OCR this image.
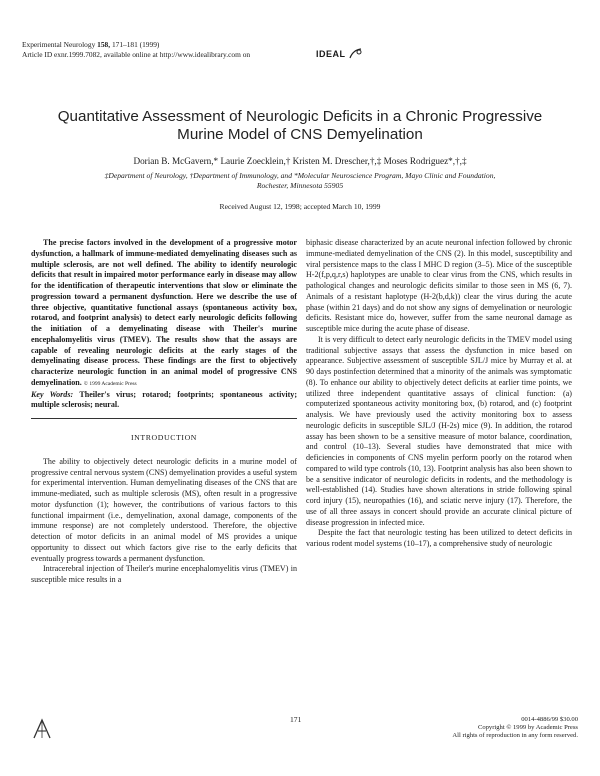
Experimental Neurology 158, 171–181 (1999)
Article ID exnr.1999.7082, available online at http://www.idealibrary.com on	IDEAL
Quantitative Assessment of Neurologic Deficits in a Chronic Progressive
Murine Model of CNS Demyelination
Dorian B. McGavern,* Laurie Zoecklein,† Kristen M. Drescher,†,‡ Moses Rodriguez*,†,‡
‡Department of Neurology, †Department of Immunology, and *Molecular Neuroscience Program, Mayo Clinic and Foundation,
Rochester, Minnesota 55905
Received August 12, 1998; accepted March 10, 1999

The precise factors involved in the development of a progressive motor dysfunction, a hallmark of immune-mediated demyelinating diseases such as multiple sclerosis, are not well defined. The ability to identify neurologic deficits that result in impaired motor performance early in disease may allow for the identification of therapeutic interventions that slow or eliminate the progression toward a permanent dysfunction. Here we describe the use of three objective, quantitative functional assays (spontaneous activity box, rotarod, and footprint analysis) to detect early neurologic deficits following the initiation of a demyelinating disease with Theiler's murine encephalomyelitis virus (TMEV). The results show that the assays are capable of revealing neurologic deficits at the early stages of the demyelinating disease process. These findings are the first to objectively characterize neurologic function in an animal model of progressive CNS demyelination. © 1999 Academic Press

Key Words: Theiler's virus; rotarod; footprints; spontaneous activity; multiple sclerosis; neural.

INTRODUCTION

The ability to objectively detect neurologic deficits in a murine model of progressive central nervous system (CNS) demyelination provides a useful system for experimental intervention. Human demyelinating diseases of the CNS that are immune-mediated, such as multiple sclerosis (MS), often result in a progressive motor dysfunction (1); however, the contributions of various factors to this functional impairment (i.e., demyelination, axonal damage, components of the immune response) are not completely understood. Therefore, the objective detection of motor deficits in an animal model of MS provides a unique opportunity to dissect out which factors give rise to the early deficits that eventually progress towards a permanent dysfunction.

Intracerebral injection of Theiler's murine encephalomyelitis virus (TMEV) in susceptible mice results in a

biphasic disease characterized by an acute neuronal infection followed by chronic immune-mediated demyelination of the CNS (2). In this model, susceptibility and viral persistence maps to the class I MHC D region (3–5). Mice of the susceptible H-2(f,p,q,r,s) haplotypes are unable to clear virus from the CNS, which results in pathological changes and neurologic deficits similar to those seen in MS (6, 7). Animals of a resistant haplotype (H-2(b,d,k)) clear the virus during the acute phase (within 21 days) and do not show any signs of demyelination or neurologic deficits. Resistant mice do, however, suffer from the same neuronal damage as susceptible mice during the acute phase of disease.

It is very difficult to detect early neurologic deficits in the TMEV model using traditional subjective assays that assess the dysfunction in mice based on appearance. Subjective assessment of susceptible SJL/J mice by Murray et al. at 90 days postinfection determined that a minority of the animals was symptomatic (8). To enhance our ability to objectively detect deficits at earlier time points, we utilized three independent quantitative assays of clinical function: (a) computerized spontaneous activity monitoring box, (b) rotarod, and (c) footprint analysis. We have previously used the activity monitoring box to assess neurologic deficits in susceptible SJL/J (H-2s) mice (9). In addition, the rotarod assay has been shown to be a sensitive measure of motor balance, coordination, and control (10–13). Several studies have demonstrated that mice with deficiencies in components of CNS myelin perform poorly on the rotarod when compared to wild type controls (10, 13). Footprint analysis has also been shown to be a sensitive indicator of neurologic deficits in rodents, and the methodology is well-established (14). Studies have shown alterations in stride following spinal cord injury (15), neuropathies (16), and sciatic nerve injury (17). Therefore, the use of all three assays in concert should provide an accurate clinical picture of disease progression in infected mice.

Despite the fact that neurologic testing has been utilized to detect deficits in various rodent model systems (10–17), a comprehensive study of neurologic

171	0014-4886/99 $30.00
Copyright © 1999 by Academic Press
All rights of reproduction in any form reserved.
